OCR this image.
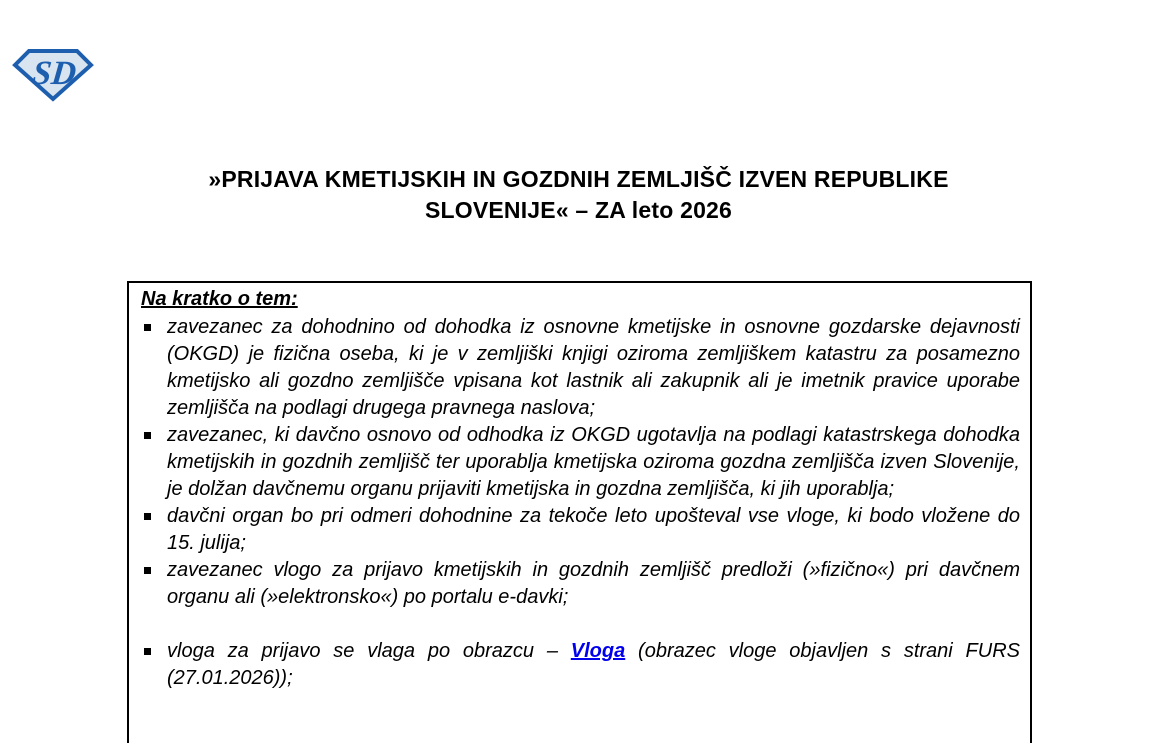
SD
»PRIJAVA KMETIJSKIH IN GOZDNIH ZEMLJIŠČ IZVEN REPUBLIKE
SLOVENIJE« – ZA leto 2026
Na kratko o tem:
zavezanec za dohodnino od dohodka iz osnovne kmetijske in osnovne gozdarske dejavnosti (OKGD) je fizična oseba, ki je v zemljiški knjigi oziroma zemljiškem katastru za posamezno kmetijsko ali gozdno zemljišče vpisana kot lastnik ali zakupnik ali je imetnik pravice uporabe zemljišča na podlagi drugega pravnega naslova;
zavezanec, ki davčno osnovo od odhodka iz OKGD ugotavlja na podlagi katastrskega dohodka kmetijskih in gozdnih zemljišč ter uporablja kmetijska oziroma gozdna zemljišča izven Slovenije, je dolžan davčnemu organu prijaviti kmetijska in gozdna zemljišča, ki jih uporablja;
davčni organ bo pri odmeri dohodnine za tekoče leto upošteval vse vloge, ki bodo vložene do 15. julija;
zavezanec vlogo za prijavo kmetijskih in gozdnih zemljišč predloži (»fizično«) pri davčnem organu ali (»elektronsko«) po portalu e-davki;
vloga za prijavo se vlaga po obrazcu – Vloga (obrazec vloge objavljen s strani FURS (27.01.2026));
